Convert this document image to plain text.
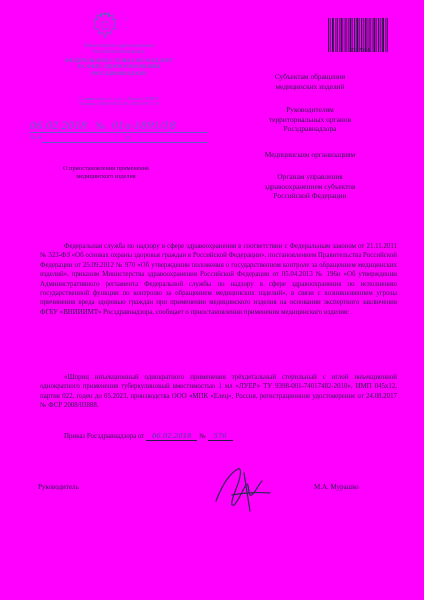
Министерство здравоохранения
Российской Федерации
ФЕДЕРАЛЬНАЯ СЛУЖБА ПО НАДЗОРУ
В СФЕРЕ ЗДРАВООХРАНЕНИЯ
(РОСЗДРАВНАДЗОР)
Славянская пл. 4, стр. 1, Москва, 109074
Телефон: (495) 698 45 38; (495) 698 15 74
06.02.2018 № 01и-1891/18
На №	от
О приостановлении применения
медицинского изделия
2317064
Субъектам обращения
медицинских изделий
Руководителям
территориальных органов
Росздравнадзора
Медицинским организациям
Органам управления
здравоохранением субъектов
Российской Федерации
Федеральная служба по надзору в сфере здравоохранения в соответствии с Федеральным законом от 21.11.2011 № 323-ФЗ «Об основах охраны здоровья граждан в Российской Федерации», постановлением Правительства Российской Федерации от 25.09.2012 № 970 «Об утверждении положения о государственном контроле за обращением медицинских изделий», приказом Министерства здравоохранения Российской Федерации от 05.04.2013 № 196н «Об утверждении Административного регламента Федеральной службы по надзору в сфере здравоохранения по исполнению государственной функции по контролю за обращением медицинских изделий», в связи с возникновением угрозы причинения вреда здоровью граждан при применении медицинского изделия на основании экспертного заключения ФГБУ «ВНИИИМТ» Росздравнадзора, сообщает о приостановлении применения медицинского изделия:
«Шприц инъекционный однократного применения трёхдетальный стерильный с иглой инъекционной однократного применения туберкулиновый вместимостью 1 мл «ЛУЕР» ТУ 9398-001-74017482-2010», ИМП 045х12, партия 022, годен до 05.2023, производства ООО «МПК «Елец», Россия, регистрационное удостоверение от 24.08.2017 № ФСР 2008/03888.
Приказ Росздравнадзора от 06.02.2018 № 576
Руководитель	М.А. Мурашко
